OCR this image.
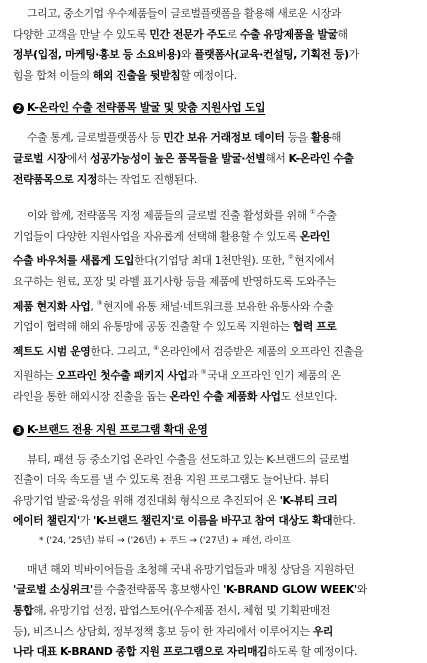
그리고, 중소기업 우수제품들이 글로벌플랫폼을 활용해 새로운 시장과
다양한 고객을 만날 수 있도록 민간 전문가 주도로 수출 유망제품을 발굴해
정부(입점, 마케팅·홍보 등 소요비용)와 플랫폼사(교육·컨설팅, 기획전 등)가
힘을 합쳐 이들의 해외 진출을 뒷받침할 예정이다.
2 K-온라인 수출 전략품목 발굴 및 맞춤 지원사업 도입
수출 통계, 글로벌플랫폼사 등 민간 보유 거래정보 데이터 등을 활용해
글로벌 시장에서 성공가능성이 높은 품목들을 발굴·선별해서 K-온라인 수출
전략품목으로 지정하는 작업도 진행된다.
이와 함께, 전략품목 지정 제품들의 글로벌 진출 활성화를 위해 ①수출
기업들이 다양한 지원사업을 자유롭게 선택해 활용할 수 있도록 온라인
수출 바우처를 새롭게 도입한다(기업당 최대 1천만원). 또한, ②현지에서
요구하는 원료, 포장 및 라벨 표기사항 등을 제품에 반영하도록 도와주는
제품 현지화 사업, ③현지에 유통 채널·네트워크를 보유한 유통사와 수출
기업이 협력해 해외 유통망에 공동 진출할 수 있도록 지원하는 협력 프로
젝트도 시범 운영한다. 그리고, ④온라인에서 검증받은 제품의 오프라인 진출을
지원하는 오프라인 첫수출 패키지 사업과 ⑤국내 오프라인 인기 제품의 온
라인을 통한 해외시장 진출을 돕는 온라인 수출 제품화 사업도 선보인다.
3 K-브랜드 전용 지원 프로그램 확대 운영
뷰티, 패션 등 중소기업 온라인 수출을 선도하고 있는 K-브랜드의 글로벌
진출이 더욱 속도를 낼 수 있도록 전용 지원 프로그램도 늘어난다. 뷰티
유망기업 발굴·육성을 위해 경진대회 형식으로 추진되어 온 'K-뷰티 크리
에이터 챌린지'가 'K-브랜드 챌린지'로 이름을 바꾸고 참여 대상도 확대한다.
* ('24, '25년) 뷰티 → ('26년) + 푸드 → ('27년) + 패션, 라이프
매년 해외 빅바이어들을 초청해 국내 유망기업들과 매칭 상담을 지원하던
'글로벌 소싱위크'를 수출전략품목 홍보행사인 'K-BRAND GLOW WEEK'와
통합해, 유망기업 선정, 팝업스토어(우수제품 전시, 체험 및 기획판매전
등), 비즈니스 상담회, 정부정책 홍보 등이 한 자리에서 이루어지는 우리
나라 대표 K-BRAND 종합 지원 프로그램으로 자리매김하도록 할 예정이다.
